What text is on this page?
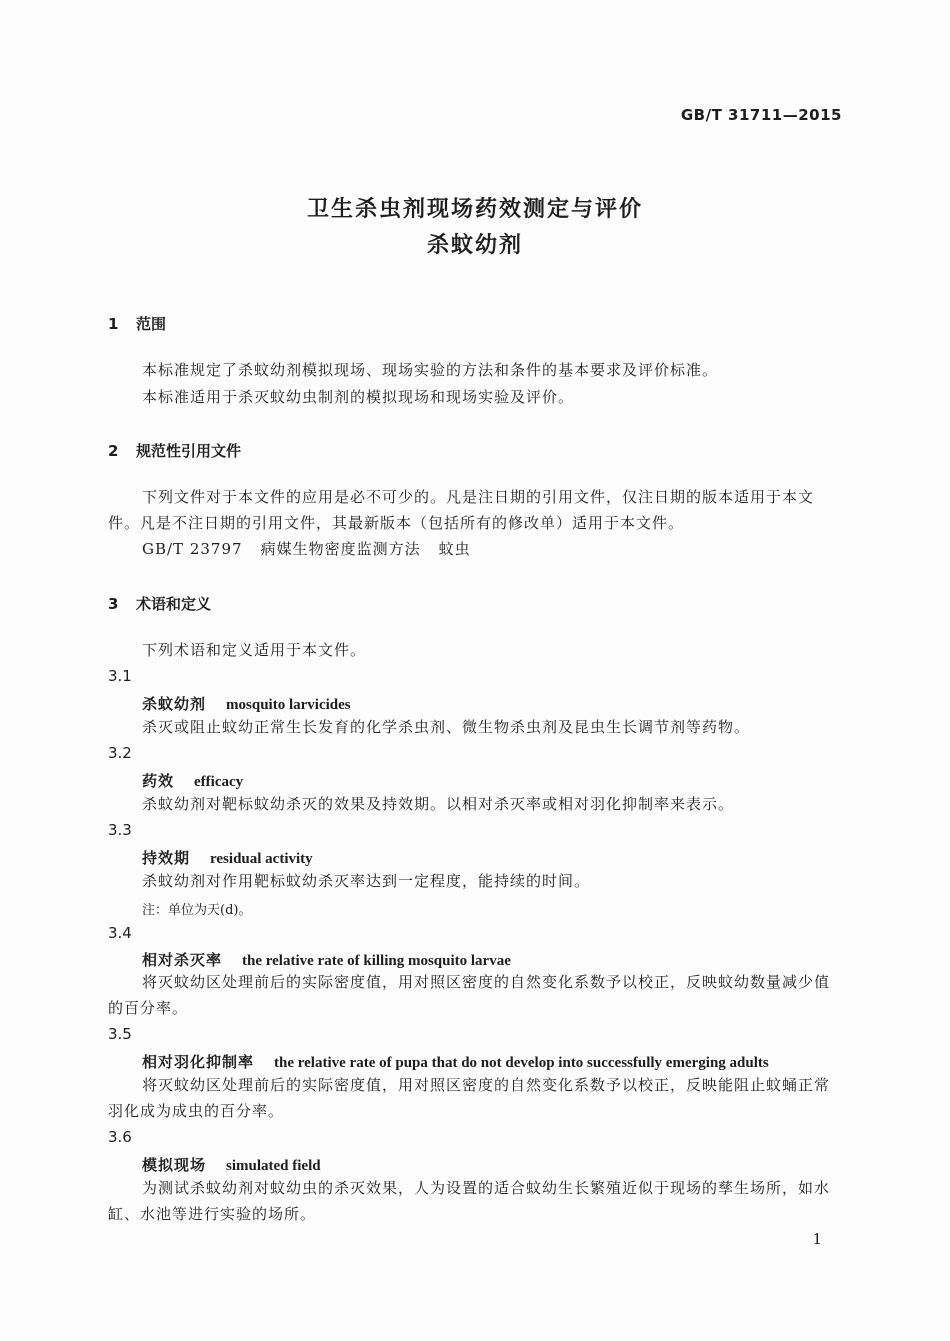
GB/T 31711—2015
卫生杀虫剂现场药效测定与评价
杀蚊幼剂
1 范围
本标准规定了杀蚊幼剂模拟现场、现场实验的方法和条件的基本要求及评价标准。
本标准适用于杀灭蚊幼虫制剂的模拟现场和现场实验及评价。
2 规范性引用文件
下列文件对于本文件的应用是必不可少的。凡是注日期的引用文件，仅注日期的版本适用于本文件。凡是不注日期的引用文件，其最新版本（包括所有的修改单）适用于本文件。
GB/T 23797 病媒生物密度监测方法 蚊虫
3 术语和定义
下列术语和定义适用于本文件。
3.1
杀蚊幼剂 mosquito larvicides
杀灭或阻止蚊幼正常生长发育的化学杀虫剂、微生物杀虫剂及昆虫生长调节剂等药物。
3.2
药效 efficacy
杀蚊幼剂对靶标蚊幼杀灭的效果及持效期。以相对杀灭率或相对羽化抑制率来表示。
3.3
持效期 residual activity
杀蚊幼剂对作用靶标蚊幼杀灭率达到一定程度，能持续的时间。
注：单位为天(d)。
3.4
相对杀灭率 the relative rate of killing mosquito larvae
将灭蚊幼区处理前后的实际密度值，用对照区密度的自然变化系数予以校正，反映蚊幼数量减少值的百分率。
3.5
相对羽化抑制率 the relative rate of pupa that do not develop into successfully emerging adults
将灭蚊幼区处理前后的实际密度值，用对照区密度的自然变化系数予以校正，反映能阻止蚊蛹正常羽化成为成虫的百分率。
3.6
模拟现场 simulated field
为测试杀蚊幼剂对蚊幼虫的杀灭效果，人为设置的适合蚊幼生长繁殖近似于现场的孳生场所，如水缸、水池等进行实验的场所。
1
